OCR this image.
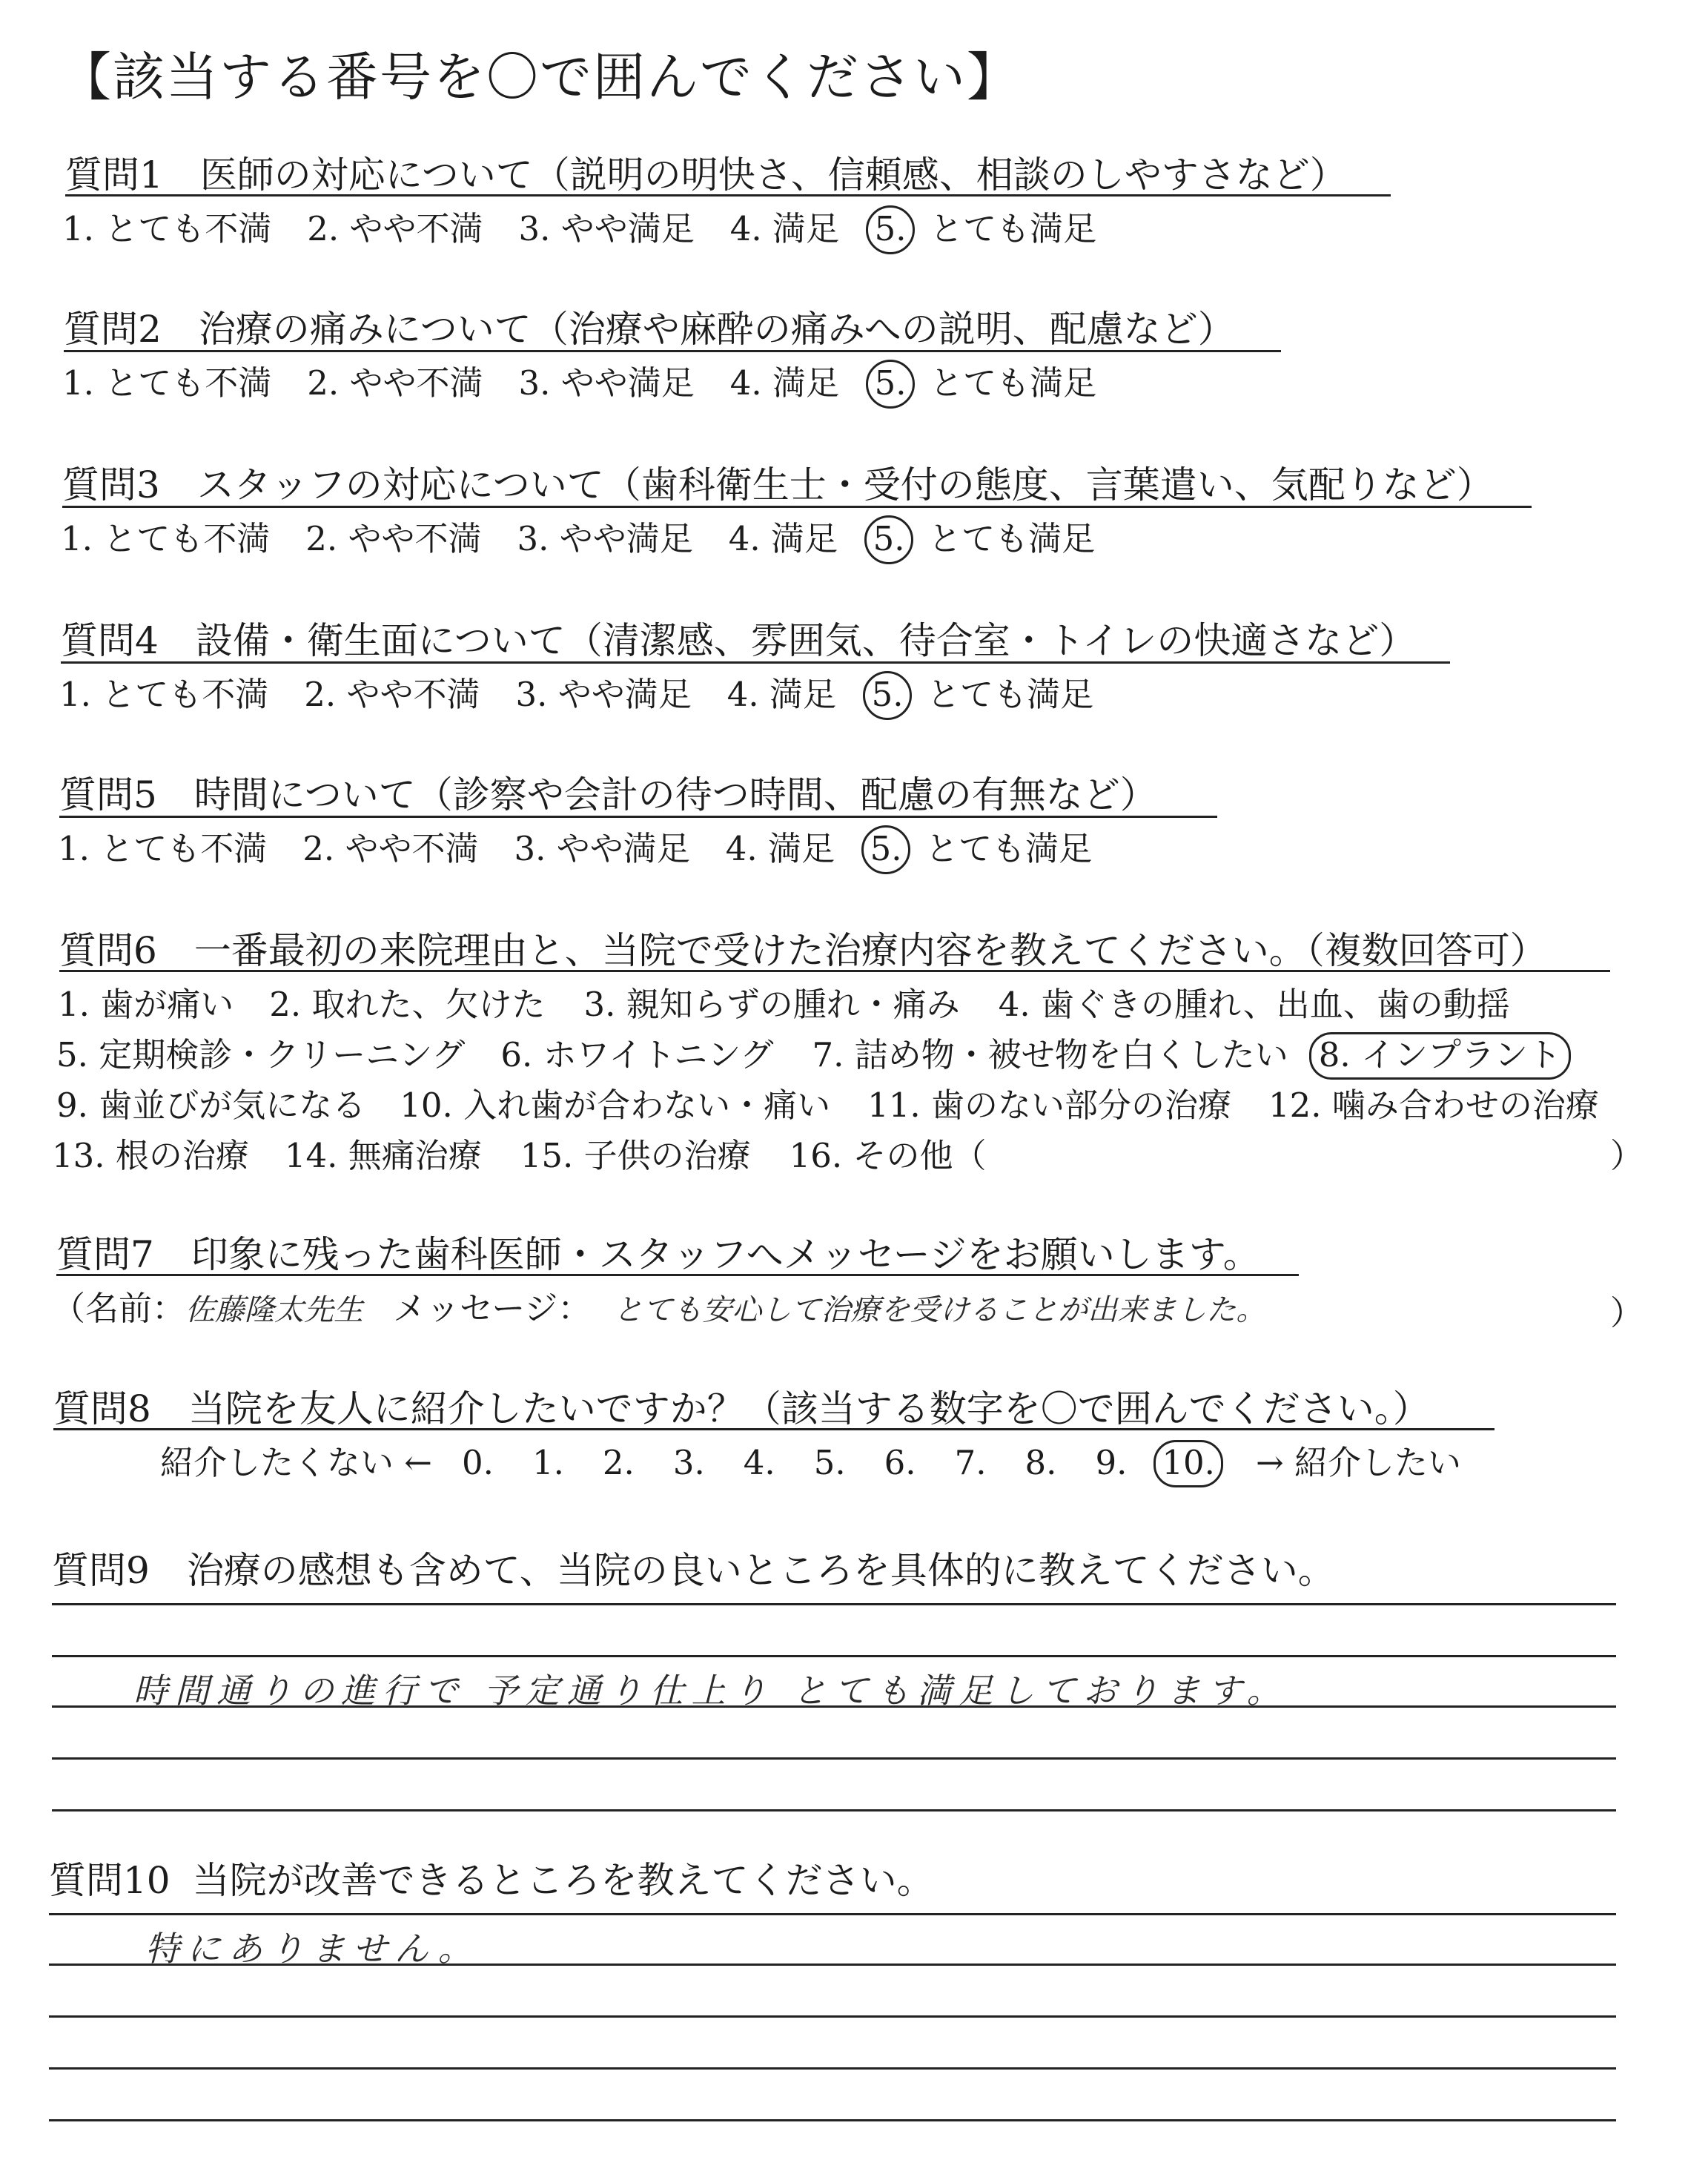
【該当する番号を〇で囲んでください】
質問1 医師の対応について（説明の明快さ、信頼感、相談のしやすさなど）
1. とても不満 2. やや不満 3. やや満足 4. 満足 5. とても満足
質問2 治療の痛みについて（治療や麻酔の痛みへの説明、配慮など）
1. とても不満 2. やや不満 3. やや満足 4. 満足 5. とても満足
質問3 スタッフの対応について（歯科衛生士・受付の態度、言葉遣い、気配りなど）
1. とても不満 2. やや不満 3. やや満足 4. 満足 5. とても満足
質問4 設備・衛生面について（清潔感、雰囲気、待合室・トイレの快適さなど）
1. とても不満 2. やや不満 3. やや満足 4. 満足 5. とても満足
質問5 時間について（診察や会計の待つ時間、配慮の有無など）
1. とても不満 2. やや不満 3. やや満足 4. 満足 5. とても満足
質問6 一番最初の来院理由と、当院で受けた治療内容を教えてください。（複数回答可）
1. 歯が痛い 2. 取れた、欠けた 3. 親知らずの腫れ・痛み 4. 歯ぐきの腫れ、出血、歯の動揺
5. 定期検診・クリーニング 6. ホワイトニング 7. 詰め物・被せ物を白くしたい 8. インプラント
9. 歯並びが気になる 10. 入れ歯が合わない・痛い 11. 歯のない部分の治療 12. 噛み合わせの治療
13. 根の治療 14. 無痛治療 15. 子供の治療 16. その他（	）
質問7 印象に残った歯科医師・スタッフへメッセージをお願いします。
（名前：佐藤隆太先生 メッセージ： とても安心して治療を受けることが出来ました。	）
質問8 当院を友人に紹介したいですか？（該当する数字を〇で囲んでください。）
紹介したくない ← 0. 1. 2. 3. 4. 5. 6. 7. 8. 9. 10. → 紹介したい
質問9 治療の感想も含めて、当院の良いところを具体的に教えてください。
時間通りの進行で 予定通り仕上り とても満足しております。
質問10 当院が改善できるところを教えてください。
特にありません。
